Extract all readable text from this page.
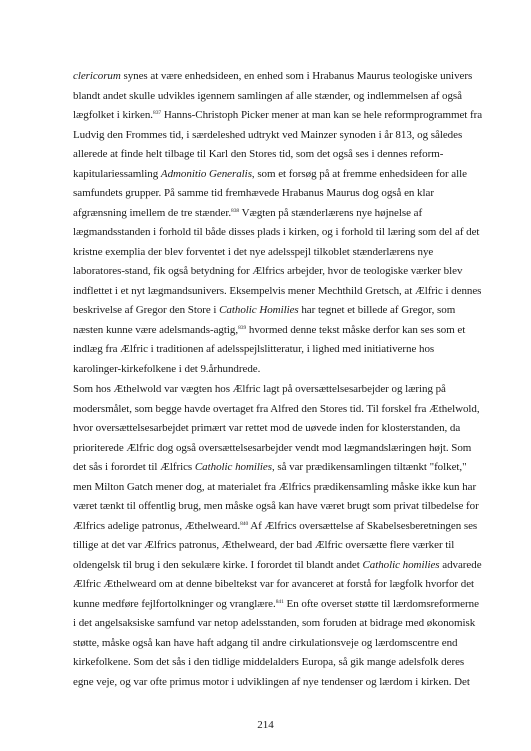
clericorum synes at være enhedsideen, en enhed som i Hrabanus Maurus teologiske univers
blandt andet skulle udvikles igennem samlingen af alle stænder, og indlemmelsen af også
lægfolket i kirken.$^{837}$ Hanns-Christoph Picker mener at man kan se hele reformprogrammet fra
Ludvig den Frommes tid, i særdeleshed udtrykt ved Mainzer synoden i år 813, og således
allerede at finde helt tilbage til Karl den Stores tid, som det også ses i dennes reform-
kapitulariessamling Admonitio Generalis, som et forsøg på at fremme enhedsideen for alle
samfundets grupper. På samme tid fremhævede Hrabanus Maurus dog også en klar
afgrænsning imellem de tre stænder.$^{838}$ Vægten på stænderlærens nye højnelse af
lægmandsstanden i forhold til både disses plads i kirken, og i forhold til læring som del af det
kristne exemplia der blev forventet i det nye adelsspejl tilkoblet stænderlærens nye
laboratores-stand, fik også betydning for Ælfrics arbejder, hvor de teologiske værker blev
indflettet i et nyt lægmandsunivers. Eksempelvis mener Mechthild Gretsch, at Ælfric i dennes
beskrivelse af Gregor den Store i Catholic Homilies har tegnet et billede af Gregor, som
næsten kunne være adelsmands-agtig,$^{839}$ hvormed denne tekst måske derfor kan ses som et
indlæg fra Ælfric i traditionen af adelsspejlslitteratur, i lighed med initiativerne hos
karolinger-kirkefolkene i det 9.århundrede.
Som hos Æthelwold var vægten hos Ælfric lagt på oversættelsesarbejder og læring på
modersmålet, som begge havde overtaget fra Alfred den Stores tid. Til forskel fra Æthelwold,
hvor oversættelsesarbejdet primært var rettet mod de uøvede inden for klosterstanden, da
prioriterede Ælfric dog også oversættelsesarbejder vendt mod lægmandslæringen højt. Som
det sås i forordet til Ælfrics Catholic homilies, så var prædikensamlingen tiltænkt "folket,"
men Milton Gatch mener dog, at materialet fra Ælfrics prædikensamling måske ikke kun har
været tænkt til offentlig brug, men måske også kan have været brugt som privat tilbedelse for
Ælfrics adelige patronus, Æthelweard.$^{840}$ Af Ælfrics oversættelse af Skabelsesberetningen ses
tillige at det var Ælfrics patronus, Æthelweard, der bad Ælfric oversætte flere værker til
oldengelsk til brug i den sekulære kirke. I forordet til blandt andet Catholic homilies advarede
Ælfric Æthelweard om at denne bibeltekst var for avanceret at forstå for lægfolk hvorfor det
kunne medføre fejlfortolkninger og vranglære.$^{841}$ En ofte overset støtte til lærdomsreformerne
i det angelsaksiske samfund var netop adelsstanden, som foruden at bidrage med økonomisk
støtte, måske også kan have haft adgang til andre cirkulationsveje og lærdomscentre end
kirkefolkene. Som det sås i den tidlige middelalders Europa, så gik mange adelsfolk deres
egne veje, og var ofte primus motor i udviklingen af nye tendenser og lærdom i kirken. Det
214
